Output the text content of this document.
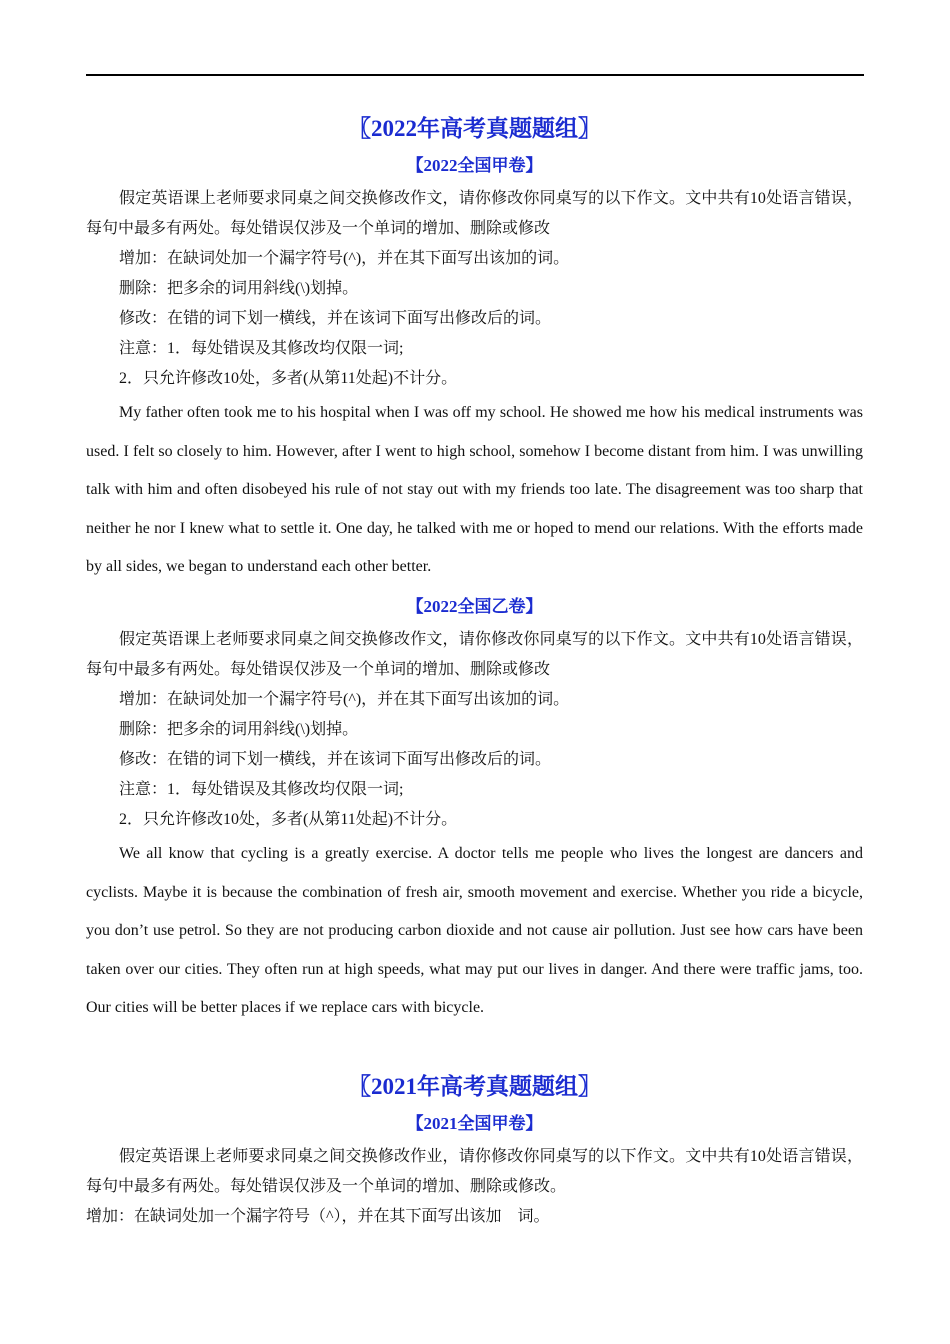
〖2022年高考真题题组〗
【2022全国甲卷】

假定英语课上老师要求同桌之间交换修改作文，请你修改你同桌写的以下作文。文中共有10处语言错误，每句中最多有两处。每处错误仅涉及一个单词的增加、删除或修改

增加：在缺词处加一个漏字符号(^)，并在其下面写出该加的词。

删除：把多余的词用斜线(\)划掉。

修改：在错的词下划一横线，并在该词下面写出修改后的词。

注意：1．每处错误及其修改均仅限一词;

2．只允许修改10处，多者(从第11处起)不计分。

My father often took me to his hospital when I was off my school. He showed me how his medical instruments was used. I felt so closely to him. However, after I went to high school, somehow I become distant from him. I was unwilling talk with him and often disobeyed his rule of not stay out with my friends too late. The disagreement was too sharp that neither he nor I knew what to settle it. One day, he talked with me or hoped to mend our relations. With the efforts made by all sides, we began to understand each other better.

【2022全国乙卷】

假定英语课上老师要求同桌之间交换修改作文，请你修改你同桌写的以下作文。文中共有10处语言错误，每句中最多有两处。每处错误仅涉及一个单词的增加、删除或修改

增加：在缺词处加一个漏字符号(^)，并在其下面写出该加的词。

删除：把多余的词用斜线(\)划掉。

修改：在错的词下划一横线，并在该词下面写出修改后的词。

注意：1．每处错误及其修改均仅限一词;

2．只允许修改10处，多者(从第11处起)不计分。

We all know that cycling is a greatly exercise. A doctor tells me people who lives the longest are dancers and cyclists. Maybe it is because the combination of fresh air, smooth movement and exercise. Whether you ride a bicycle, you don’t use petrol. So they are not producing carbon dioxide and not cause air pollution. Just see how cars have been taken over our cities. They often run at high speeds, what may put our lives in danger. And there were traffic jams, too. Our cities will be better places if we replace cars with bicycle.

〖2021年高考真题题组〗
【2021全国甲卷】

假定英语课上老师要求同桌之间交换修改作业，请你修改你同桌写的以下作文。文中共有10处语言错误，每句中最多有两处。每处错误仅涉及一个单词的增加、删除或修改。

增加：在缺词处加一个漏字符号（^），并在其下面写出该加　词。
